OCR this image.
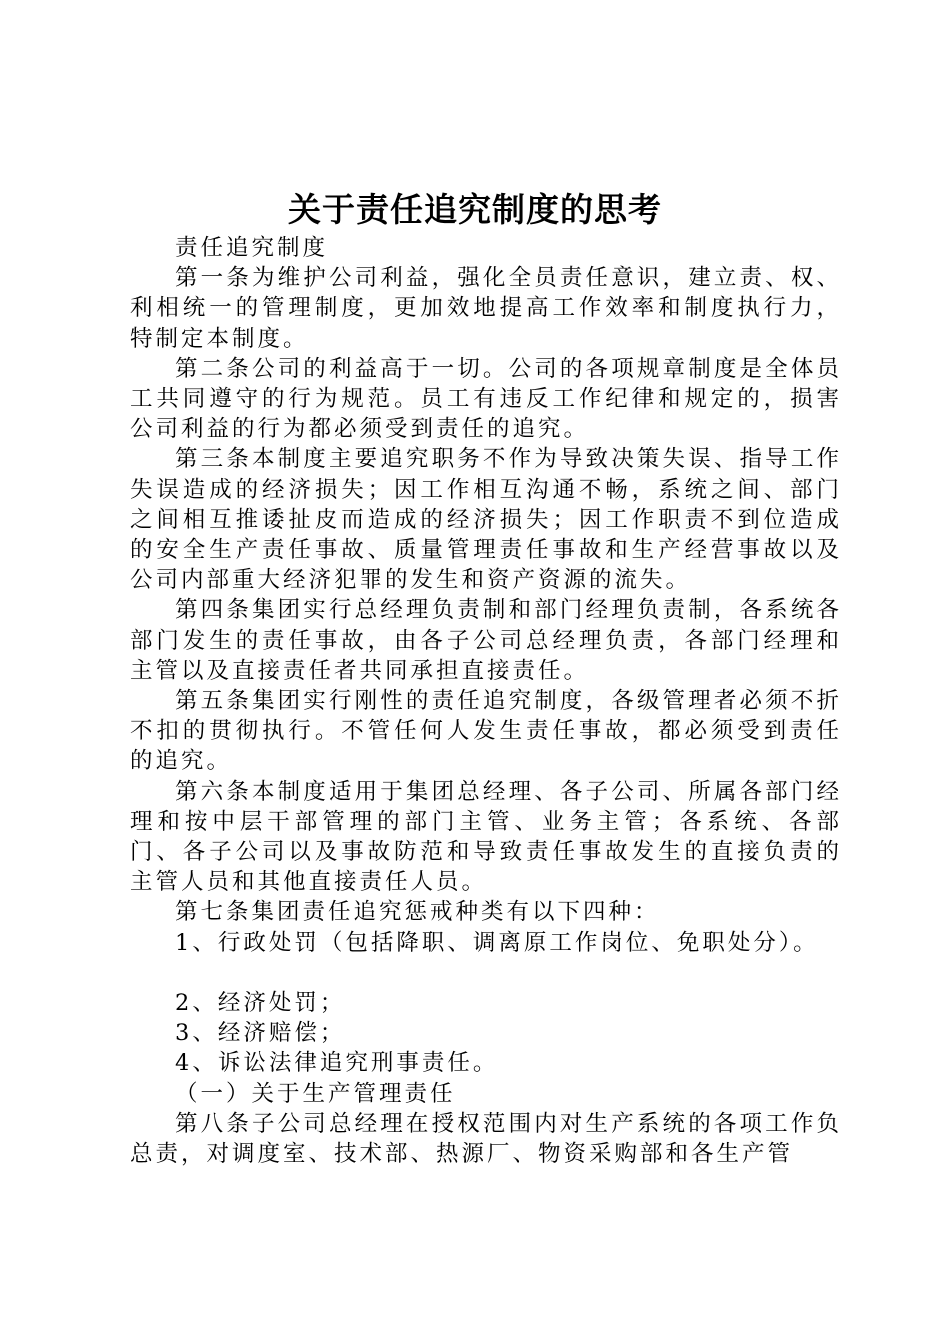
关于责任追究制度的思考

责任追究制度

第一条为维护公司利益，强化全员责任意识，建立责、权、利相统一的管理制度，更加效地提高工作效率和制度执行力，特制定本制度。

第二条公司的利益高于一切。公司的各项规章制度是全体员工共同遵守的行为规范。员工有违反工作纪律和规定的，损害公司利益的行为都必须受到责任的追究。

第三条本制度主要追究职务不作为导致决策失误、指导工作失误造成的经济损失；因工作相互沟通不畅，系统之间、部门之间相互推诿扯皮而造成的经济损失；因工作职责不到位造成的安全生产责任事故、质量管理责任事故和生产经营事故以及公司内部重大经济犯罪的发生和资产资源的流失。

第四条集团实行总经理负责制和部门经理负责制，各系统各部门发生的责任事故，由各子公司总经理负责，各部门经理和主管以及直接责任者共同承担直接责任。

第五条集团实行刚性的责任追究制度，各级管理者必须不折不扣的贯彻执行。不管任何人发生责任事故，都必须受到责任的追究。

第六条本制度适用于集团总经理、各子公司、所属各部门经理和按中层干部管理的部门主管、业务主管；各系统、各部门、各子公司以及事故防范和导致责任事故发生的直接负责的主管人员和其他直接责任人员。

第七条集团责任追究惩戒种类有以下四种：

1、行政处罚（包括降职、调离原工作岗位、免职处分）。

2、经济处罚；

3、经济赔偿；

4、诉讼法律追究刑事责任。

（一）关于生产管理责任

第八条子公司总经理在授权范围内对生产系统的各项工作负总责，对调度室、技术部、热源厂、物资采购部和各生产管
